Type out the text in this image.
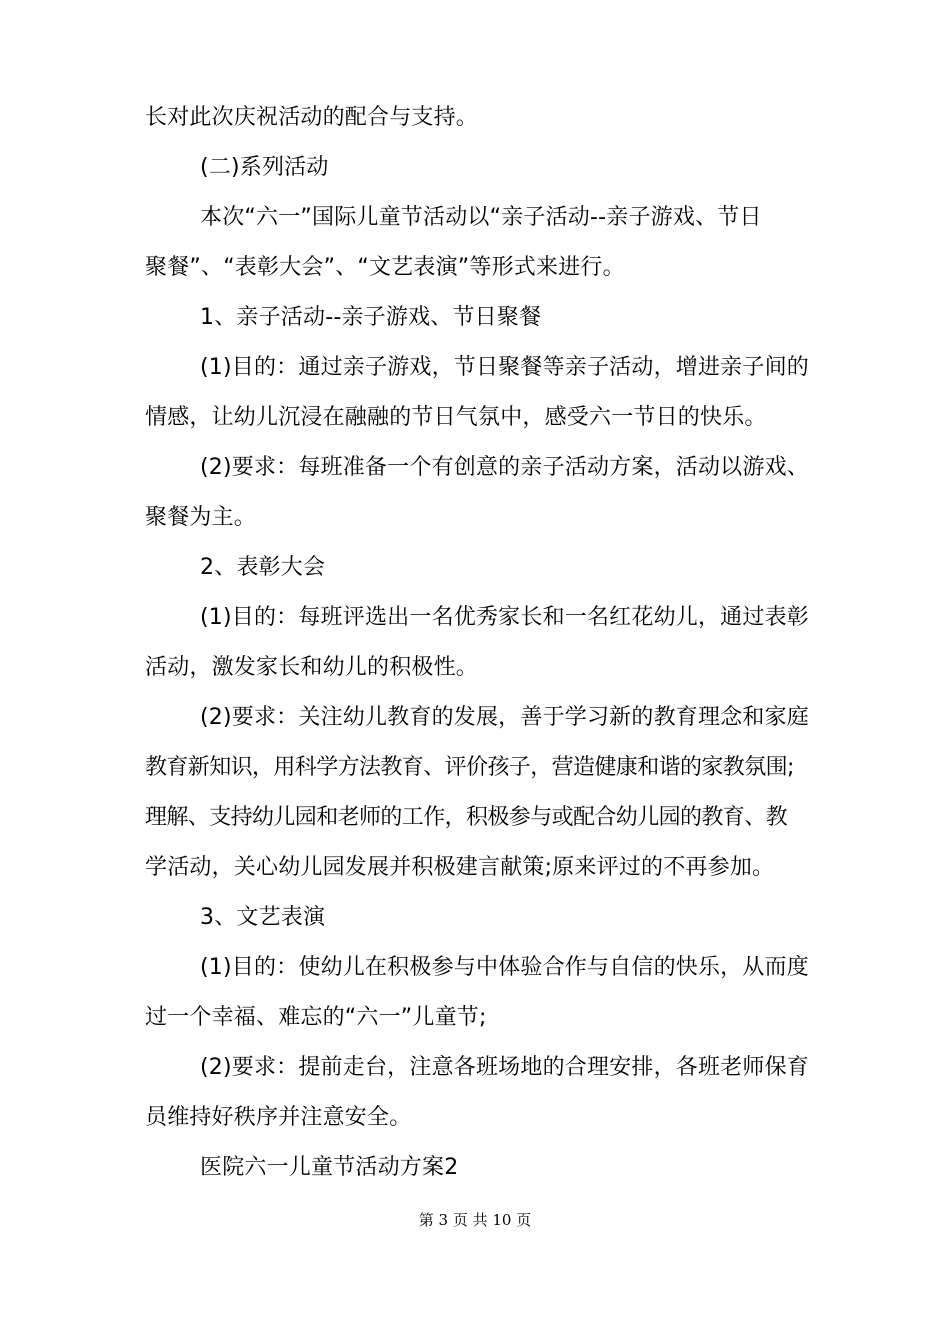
长对此次庆祝活动的配合与支持。
(二)系列活动
本次“六一”国际儿童节活动以“亲子活动--亲子游戏、节日
聚餐”、“表彰大会”、“文艺表演”等形式来进行。
1、亲子活动--亲子游戏、节日聚餐
(1)目的：通过亲子游戏，节日聚餐等亲子活动，增进亲子间的
情感，让幼儿沉浸在融融的节日气氛中，感受六一节日的快乐。
(2)要求：每班准备一个有创意的亲子活动方案，活动以游戏、
聚餐为主。
2、表彰大会
(1)目的：每班评选出一名优秀家长和一名红花幼儿，通过表彰
活动，激发家长和幼儿的积极性。
(2)要求：关注幼儿教育的发展，善于学习新的教育理念和家庭
教育新知识，用科学方法教育、评价孩子，营造健康和谐的家教氛围;
理解、支持幼儿园和老师的工作，积极参与或配合幼儿园的教育、教
学活动，关心幼儿园发展并积极建言献策;原来评过的不再参加。
3、文艺表演
(1)目的：使幼儿在积极参与中体验合作与自信的快乐，从而度
过一个幸福、难忘的“六一”儿童节;
(2)要求：提前走台，注意各班场地的合理安排，各班老师保育
员维持好秩序并注意安全。
医院六一儿童节活动方案2
第 3 页 共 10 页
